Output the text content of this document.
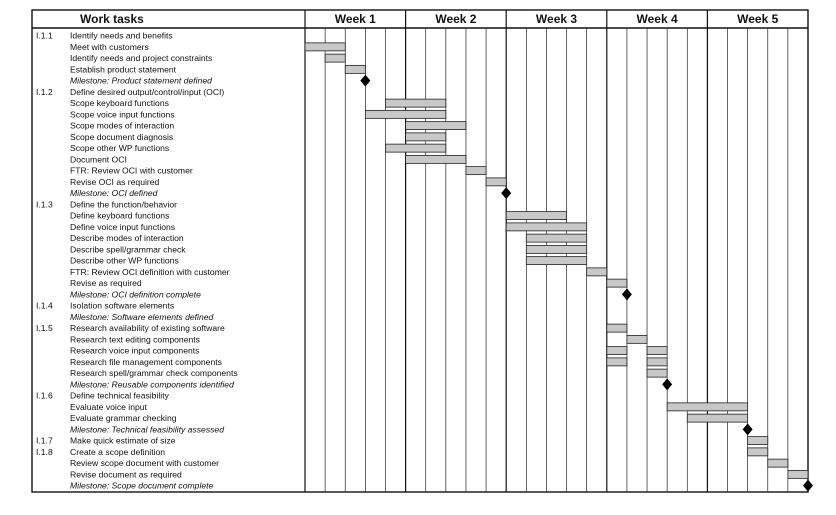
Work tasks	Week 1	Week 2	Week 3	Week 4	Week 5
I.1.1 Identify needs and benefits
Meet with customers
Identify needs and project constraints
Establish product statement
Milestone: Product statement defined
I.1.2 Define desired output/control/input (OCI)
Scope keyboard functions
Scope voice input functions
Scope modes of interaction
Scope document diagnosis
Scope other WP functions
Document OCI
FTR: Review OCI with customer
Revise OCI as required
Milestone: OCI defined
I.1.3 Define the function/behavior
Define keyboard functions
Define voice input functions
Describe modes of interaction
Describe spell/grammar check
Describe other WP functions
FTR: Review OCI definition with customer
Revise as required
Milestone: OCI definition complete
I.1.4 Isolation software elements
Milestone: Software elements defined
I.1.5 Research availability of existing software
Research text editing components
Research voice input components
Research file management components
Research spell/grammar check components
Milestone: Reusable components identified
I.1.6 Define technical feasibility
Evaluate voice input
Evaluate grammar checking
Milestone: Technical feasibility assessed
I.1.7 Make quick estimate of size
I.1.8 Create a scope definition
Review scope document with customer
Revise document as required
Milestone: Scope document complete
